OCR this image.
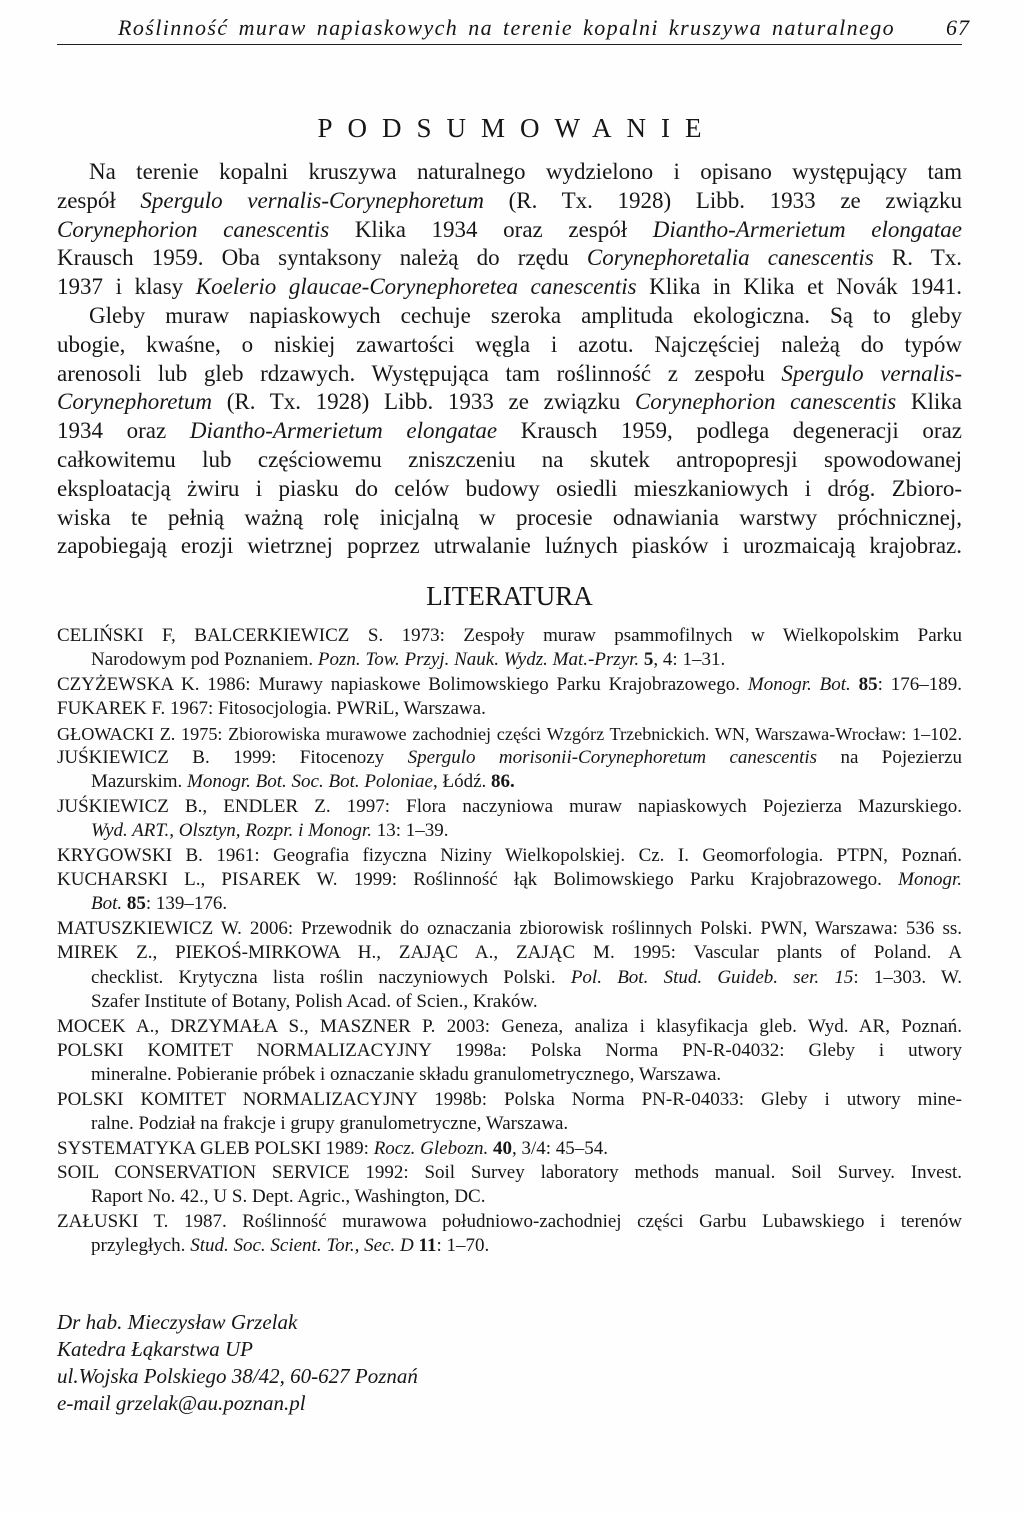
Roślinność muraw napiaskowych na terenie kopalni kruszywa naturalnego 67
PODSUMOWANIE
Na terenie kopalni kruszywa naturalnego wydzielono i opisano występujący tam
zespół Spergulo vernalis-Corynephoretum (R. Tx. 1928) Libb. 1933 ze związku
Corynephorion canescentis Klika 1934 oraz zespół Diantho-Armerietum elongatae
Krausch 1959. Oba syntaksony należą do rzędu Corynephoretalia canescentis R. Tx.
1937 i klasy Koelerio glaucae-Corynephoretea canescentis Klika in Klika et Novák 1941.
Gleby muraw napiaskowych cechuje szeroka amplituda ekologiczna. Są to gleby
ubogie, kwaśne, o niskiej zawartości węgla i azotu. Najczęściej należą do typów
arenosoli lub gleb rdzawych. Występująca tam roślinność z zespołu Spergulo vernalis-
Corynephoretum (R. Tx. 1928) Libb. 1933 ze związku Corynephorion canescentis Klika
1934 oraz Diantho-Armerietum elongatae Krausch 1959, podlega degeneracji oraz
całkowitemu lub częściowemu zniszczeniu na skutek antropopresji spowodowanej
eksploatacją żwiru i piasku do celów budowy osiedli mieszkaniowych i dróg. Zbioro-
wiska te pełnią ważną rolę inicjalną w procesie odnawiania warstwy próchnicznej,
zapobiegają erozji wietrznej poprzez utrwalanie luźnych piasków i urozmaicają krajobraz.
LITERATURA
CELIŃSKI F, BALCERKIEWICZ S. 1973: Zespoły muraw psammofilnych w Wielkopolskim Parku
Narodowym pod Poznaniem. Pozn. Tow. Przyj. Nauk. Wydz. Mat.-Przyr. 5, 4: 1–31.
CZYŻEWSKA K. 1986: Murawy napiaskowe Bolimowskiego Parku Krajobrazowego. Monogr. Bot. 85: 176–189.
FUKAREK F. 1967: Fitosocjologia. PWRiL, Warszawa.
GŁOWACKI Z. 1975: Zbiorowiska murawowe zachodniej części Wzgórz Trzebnickich. WN, Warszawa-Wrocław: 1–102.
JUŚKIEWICZ B. 1999: Fitocenozy Spergulo morisonii-Corynephoretum canescentis na Pojezierzu
Mazurskim. Monogr. Bot. Soc. Bot. Poloniae, Łódź. 86.
JUŚKIEWICZ B., ENDLER Z. 1997: Flora naczyniowa muraw napiaskowych Pojezierza Mazurskiego.
Wyd. ART., Olsztyn, Rozpr. i Monogr. 13: 1–39.
KRYGOWSKI B. 1961: Geografia fizyczna Niziny Wielkopolskiej. Cz. I. Geomorfologia. PTPN, Poznań.
KUCHARSKI L., PISAREK W. 1999: Roślinność łąk Bolimowskiego Parku Krajobrazowego. Monogr.
Bot. 85: 139–176.
MATUSZKIEWICZ W. 2006: Przewodnik do oznaczania zbiorowisk roślinnych Polski. PWN, Warszawa: 536 ss.
MIREK Z., PIEKOŚ-MIRKOWA H., ZAJĄC A., ZAJĄC M. 1995: Vascular plants of Poland. A
checklist. Krytyczna lista roślin naczyniowych Polski. Pol. Bot. Stud. Guideb. ser. 15: 1–303. W.
Szafer Institute of Botany, Polish Acad. of Scien., Kraków.
MOCEK A., DRZYMAŁA S., MASZNER P. 2003: Geneza, analiza i klasyfikacja gleb. Wyd. AR, Poznań.
POLSKI KOMITET NORMALIZACYJNY 1998a: Polska Norma PN-R-04032: Gleby i utwory
mineralne. Pobieranie próbek i oznaczanie składu granulometrycznego, Warszawa.
POLSKI KOMITET NORMALIZACYJNY 1998b: Polska Norma PN-R-04033: Gleby i utwory mine-
ralne. Podział na frakcje i grupy granulometryczne, Warszawa.
SYSTEMATYKA GLEB POLSKI 1989: Rocz. Glebozn. 40, 3/4: 45–54.
SOIL CONSERVATION SERVICE 1992: Soil Survey laboratory methods manual. Soil Survey. Invest.
Raport No. 42., U S. Dept. Agric., Washington, DC.
ZAŁUSKI T. 1987. Roślinność murawowa południowo-zachodniej części Garbu Lubawskiego i terenów
przyległych. Stud. Soc. Scient. Tor., Sec. D 11: 1–70.
Dr hab. Mieczysław Grzelak
Katedra Łąkarstwa UP
ul.Wojska Polskiego 38/42, 60-627 Poznań
e-mail grzelak@au.poznan.pl
